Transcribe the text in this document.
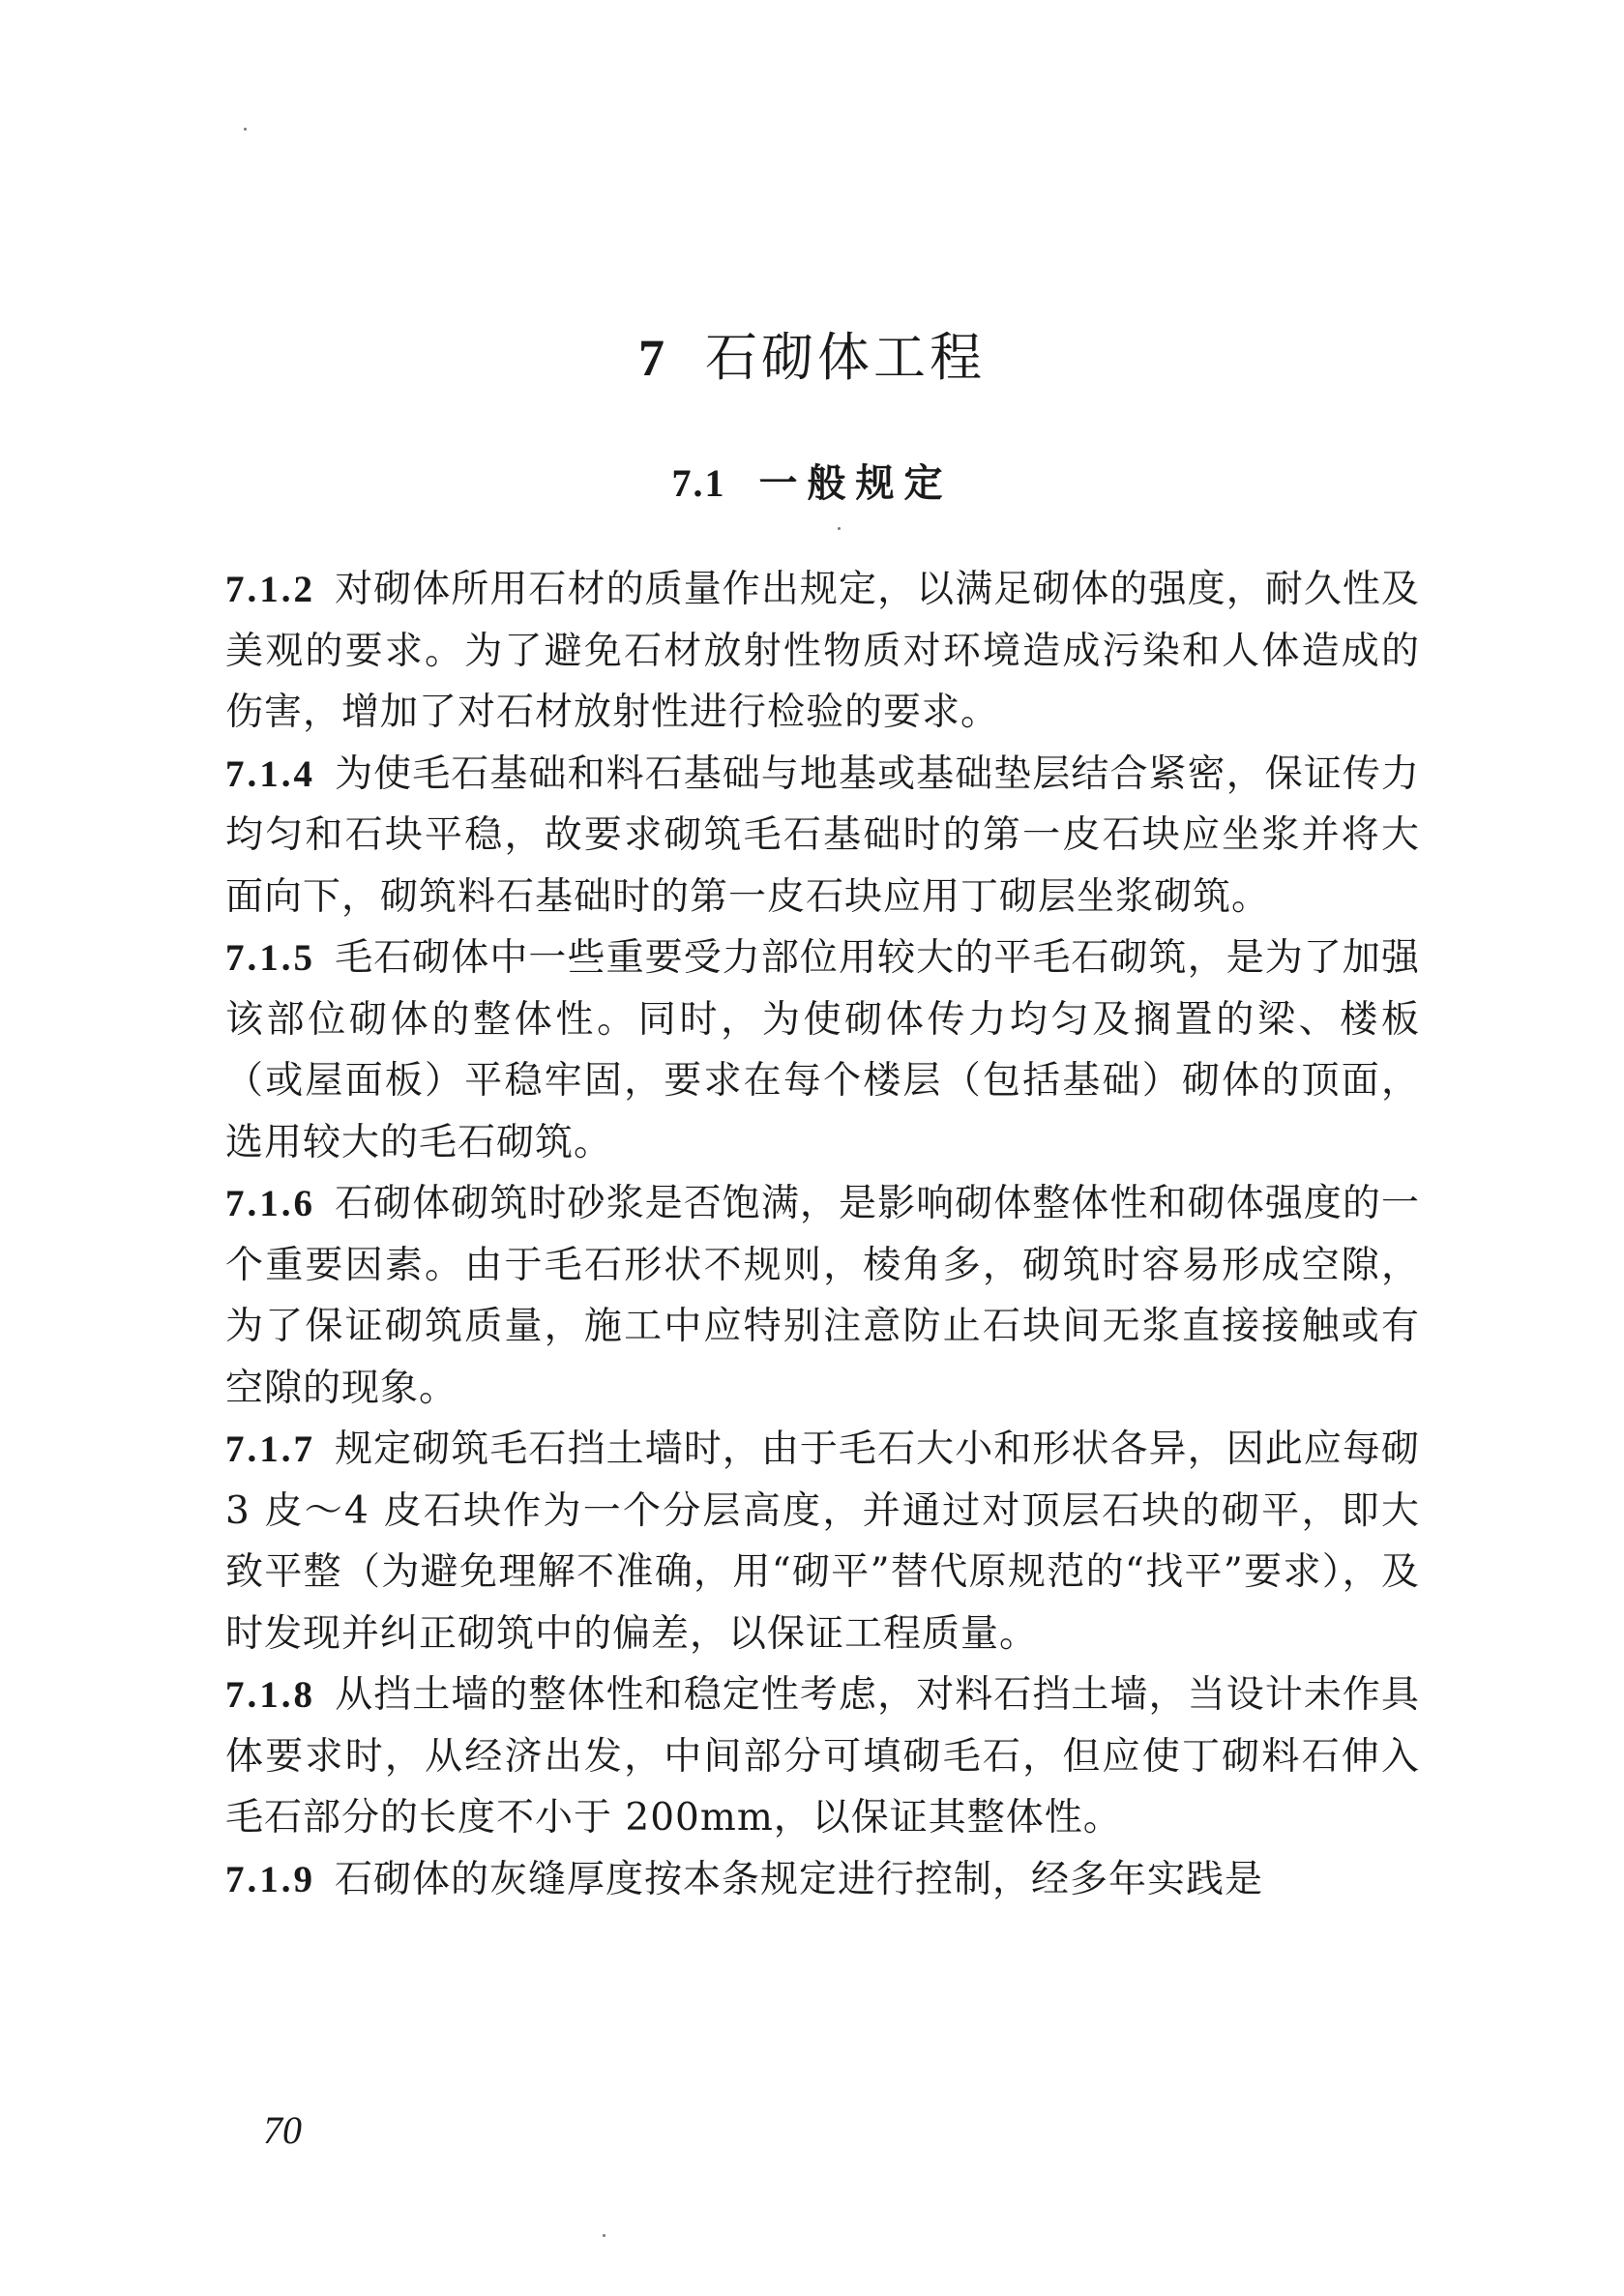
7 石砌体工程
7.1 一般规定

7.1.2 对砌体所用石材的质量作出规定，以满足砌体的强度，耐久性及美观的要求。为了避免石材放射性物质对环境造成污染和人体造成的伤害，增加了对石材放射性进行检验的要求。

7.1.4 为使毛石基础和料石基础与地基或基础垫层结合紧密，保证传力均匀和石块平稳，故要求砌筑毛石基础时的第一皮石块应坐浆并将大面向下，砌筑料石基础时的第一皮石块应用丁砌层坐浆砌筑。

7.1.5 毛石砌体中一些重要受力部位用较大的平毛石砌筑，是为了加强该部位砌体的整体性。同时，为使砌体传力均匀及搁置的梁、楼板（或屋面板）平稳牢固，要求在每个楼层（包括基础）砌体的顶面，选用较大的毛石砌筑。

7.1.6 石砌体砌筑时砂浆是否饱满，是影响砌体整体性和砌体强度的一个重要因素。由于毛石形状不规则，棱角多，砌筑时容易形成空隙，为了保证砌筑质量，施工中应特别注意防止石块间无浆直接接触或有空隙的现象。

7.1.7 规定砌筑毛石挡土墙时，由于毛石大小和形状各异，因此应每砌 3 皮～4 皮石块作为一个分层高度，并通过对顶层石块的砌平，即大致平整（为避免理解不准确，用“砌平”替代原规范的“找平”要求），及时发现并纠正砌筑中的偏差，以保证工程质量。

7.1.8 从挡土墙的整体性和稳定性考虑，对料石挡土墙，当设计未作具体要求时，从经济出发，中间部分可填砌毛石，但应使丁砌料石伸入毛石部分的长度不小于 200mm，以保证其整体性。

7.1.9 石砌体的灰缝厚度按本条规定进行控制，经多年实践是

70
